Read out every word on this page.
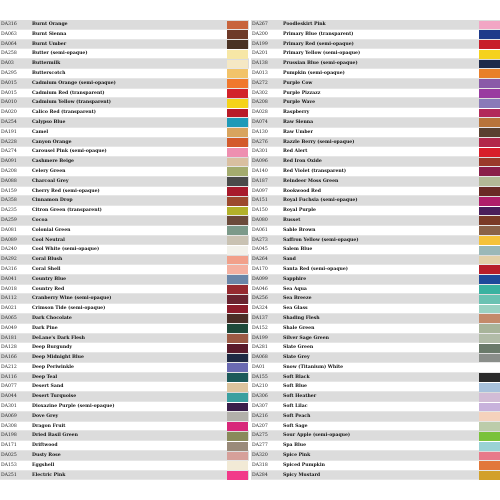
DA316	Burnt Orange
DA063	Burnt Sienna
DA064	Burnt Umber
DA258	Butter (semi-opaque)
DA03	Buttermilk
DA295	Butterscotch
DA015	Cadmium Orange (semi-opaque)
DA015	Cadmium Red (transparent)
DA010	Cadmium Yellow (transparent)
DA020	Calico Red (transparent)
DA254	Calypso Blue
DA191	Camel
DA228	Canyon Orange
DA274	Carousel Pink (semi-opaque)
DA091	Cashmere Beige
DA208	Celery Green
DA088	Charcoal Grey
DA159	Cherry Red (semi-opaque)
DA358	Cinnamon Drop
DA235	Citron Green (transparent)
DA259	Cocoa
DA081	Colonial Green
DA089	Cool Neutral
DA240	Cool White (semi-opaque)
DA292	Coral Blush
DA316	Coral Shell
DA041	Country Blue
DA018	Country Red
DA112	Cranberry Wine (semi-opaque)
DA021	Crimson Tide (semi-opaque)
DA065	Dark Chocolate
DA049	Dark Pine
DA181	DeLane's Dark Flesh
DA128	Deep Burgundy
DA166	Deep Midnight Blue
DA212	Deep Periwinkle
DA116	Deep Teal
DA077	Desert Sand
DA044	Desert Turquoise
DA301	Dioxazine Purple (semi-opaque)
DA069	Dove Grey
DA308	Dragon Fruit
DA198	Dried Basil Green
DA171	Driftwood
DA025	Dusty Rose
DA153	Eggshell
DA251	Electric Pink
DA267	Poodleskirt Pink
DA200	Primary Blue (transparent)
DA199	Primary Red (semi-opaque)
DA201	Primary Yellow (semi-opaque)
DA138	Prussian Blue (semi-opaque)
DA013	Pumpkin (semi-opaque)
DA272	Purple Cow
DA302	Purple Pizzazz
DA208	Purple Wave
DA028	Raspberry
DA074	Raw Sienna
DA130	Raw Umber
DA276	Razzle Berry (semi-opaque)
DA301	Red Alert
DA096	Red Iron Oxide
DA140	Red Violet (transparent)
DA187	Reindeer Moss Green
DA097	Rookwood Red
DA151	Royal Fuchsia (semi-opaque)
DA150	Royal Purple
DA080	Russet
DA061	Sable Brown
DA273	Saffron Yellow (semi-opaque)
DA045	Salem Blue
DA264	Sand
DA170	Santa Red (semi-opaque)
DA099	Sapphire
DA046	Sea Aqua
DA256	Sea Breeze
DA324	Sea Glass
DA137	Shading Flesh
DA152	Shale Green
DA199	Silver Sage Green
DA281	Slate Green
DA068	Slate Grey
DA01	Snow (Titanium) White
DA155	Soft Black
DA210	Soft Blue
DA306	Soft Heather
DA307	Soft Lilac
DA216	Soft Peach
DA207	Soft Sage
DA275	Sour Apple (semi-opaque)
DA277	Spa Blue
DA320	Spice Pink
DA318	Spiced Pumpkin
DA284	Spicy Mustard
